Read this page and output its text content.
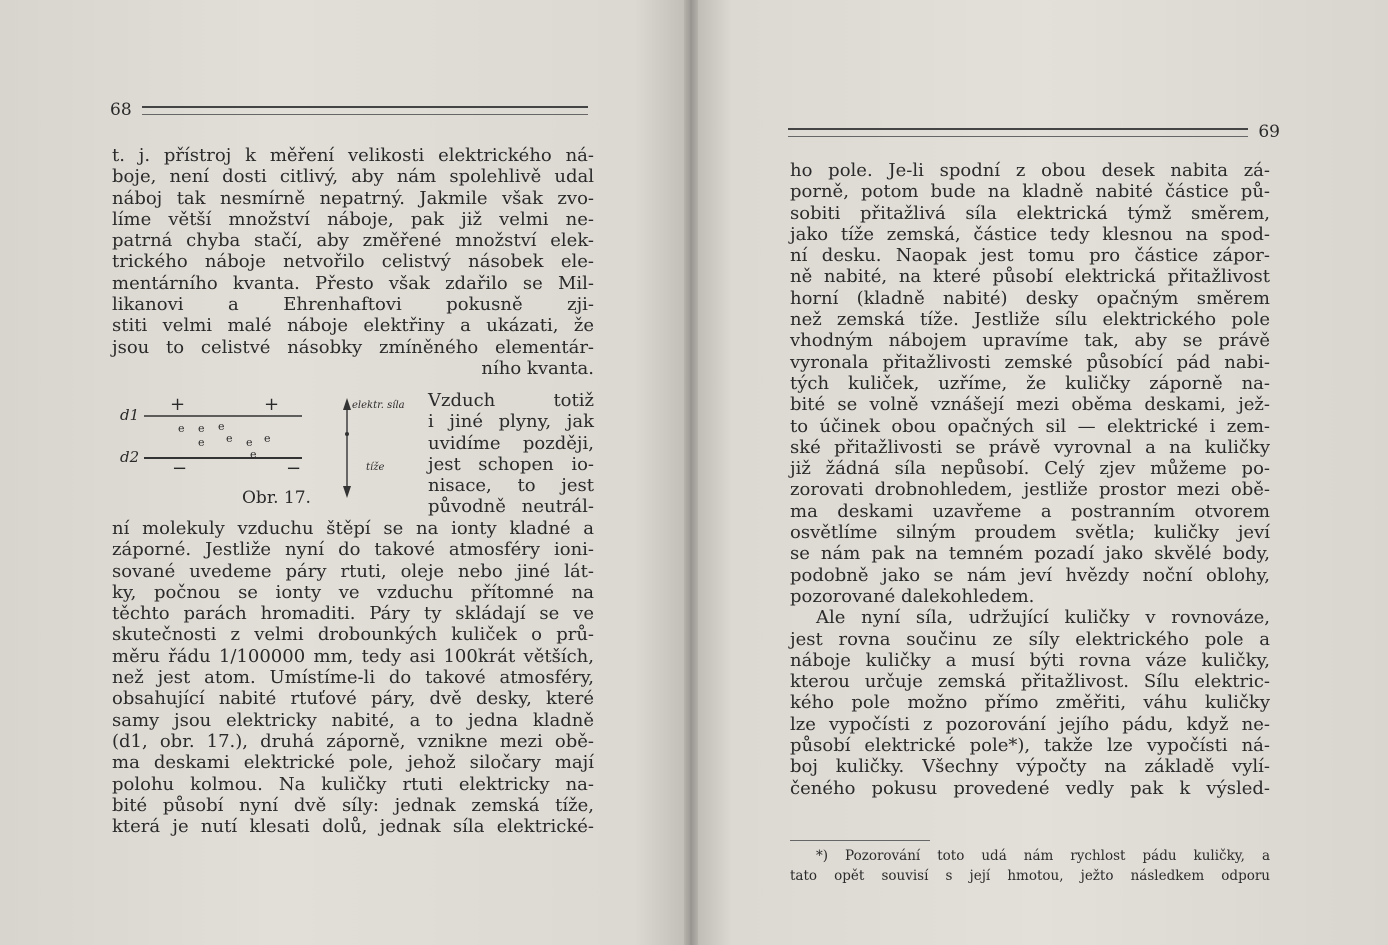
68
t. j. přístroj k měření velikosti elektrického ná-
boje, není dosti citlivý, aby nám spolehlivě udal
náboj tak nesmírně nepatrný. Jakmile však zvo-
líme větší množství náboje, pak již velmi ne-
patrná chyba stačí, aby změřené množství elek-
trického náboje netvořilo celistvý násobek ele-
mentárního kvanta. Přesto však zdařilo se Mil-
likanovi a Ehrenhaftovi pokusně zji-
stiti velmi malé náboje elektřiny a ukázati, že
jsou to celistvé násobky zmíněného elementár-
ního kvanta.
d1
d2
+	+
−	−
e e e
e e e e
e
elektr. síla
tíže
Obr. 17.
Vzduch totiž
i jiné plyny, jak
uvidíme později,
jest schopen io-
nisace, to jest
původně neutrál-
ní molekuly vzduchu štěpí se na ionty kladné a
záporné. Jestliže nyní do takové atmosféry ioni-
sované uvedeme páry rtuti, oleje nebo jiné lát-
ky, počnou se ionty ve vzduchu přítomné na
těchto parách hromaditi. Páry ty skládají se ve
skutečnosti z velmi drobounkých kuliček o prů-
měru řádu 1/100000 mm, tedy asi 100krát větších,
než jest atom. Umístíme-li do takové atmosféry,
obsahující nabité rtuťové páry, dvě desky, které
samy jsou elektricky nabité, a to jedna kladně
(d1, obr. 17.), druhá záporně, vznikne mezi obě-
ma deskami elektrické pole, jehož siločary mají
polohu kolmou. Na kuličky rtuti elektricky na-
bité působí nyní dvě síly: jednak zemská tíže,
která je nutí klesati dolů, jednak síla elektrické-
69
ho pole. Je-li spodní z obou desek nabita zá-
porně, potom bude na kladně nabité částice pů-
sobiti přitažlivá síla elektrická týmž směrem,
jako tíže zemská, částice tedy klesnou na spod-
ní desku. Naopak jest tomu pro částice zápor-
ně nabité, na které působí elektrická přitažlivost
horní (kladně nabité) desky opačným směrem
než zemská tíže. Jestliže sílu elektrického pole
vhodným nábojem upravíme tak, aby se právě
vyronala přitažlivosti zemské působící pád nabi-
tých kuliček, uzříme, že kuličky záporně na-
bité se volně vznášejí mezi oběma deskami, jež-
to účinek obou opačných sil — elektrické i zem-
ské přitažlivosti se právě vyrovnal a na kuličky
již žádná síla nepůsobí. Celý zjev můžeme po-
zorovati drobnohledem, jestliže prostor mezi obě-
ma deskami uzavřeme a postranním otvorem
osvětlíme silným proudem světla; kuličky jeví
se nám pak na temném pozadí jako skvělé body,
podobně jako se nám jeví hvězdy noční oblohy,
pozorované dalekohledem.
Ale nyní síla, udržující kuličky v rovnováze,
jest rovna součinu ze síly elektrického pole a
náboje kuličky a musí býti rovna váze kuličky,
kterou určuje zemská přitažlivost. Sílu elektric-
kého pole možno přímo změřiti, váhu kuličky
lze vypočísti z pozorování jejího pádu, když ne-
působí elektrické pole*), takže lze vypočísti ná-
boj kuličky. Všechny výpočty na základě vylí-
čeného pokusu provedené vedly pak k výsled-
*) Pozorování toto udá nám rychlost pádu kuličky, a
tato opět souvisí s její hmotou, ježto následkem odporu
